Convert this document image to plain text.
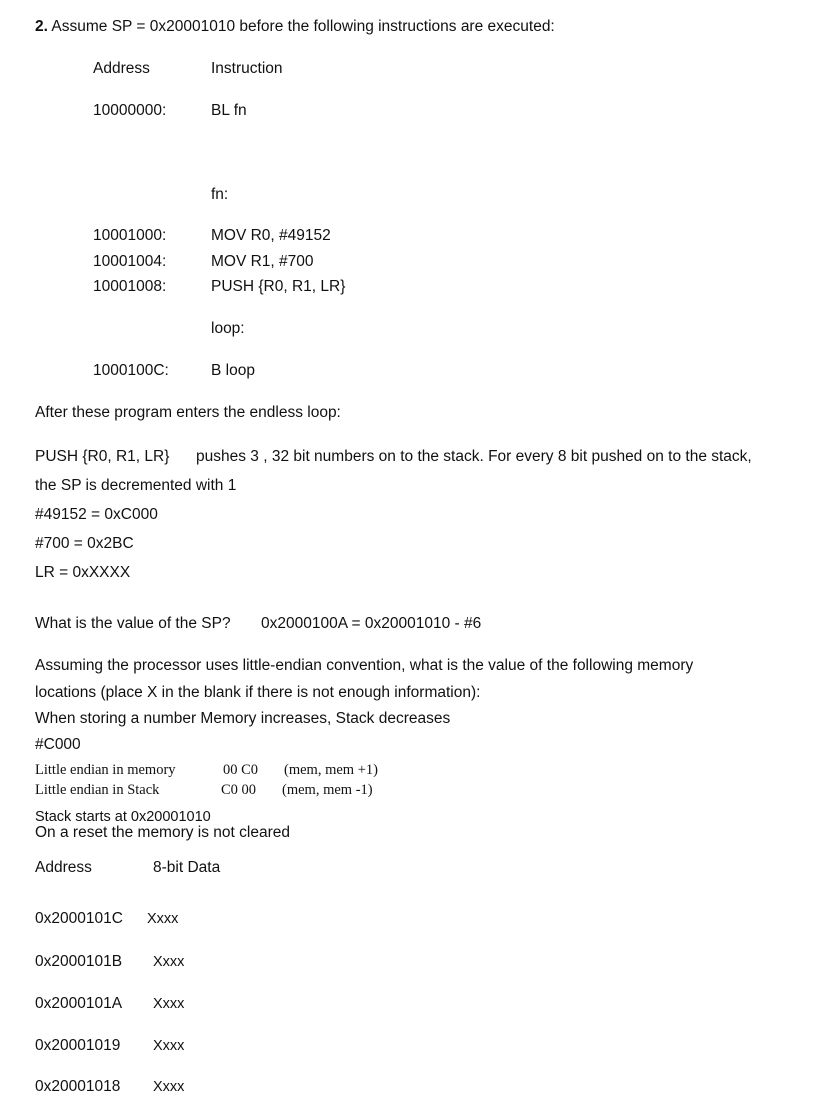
2. Assume SP = 0x20001010 before the following instructions are executed:
Address	Instruction
10000000:	BL fn
fn:
10001000:	MOV R0, #49152
10001004:	MOV R1, #700
10001008:	PUSH {R0, R1, LR}
loop:
1000100C:	B loop
After these program enters the endless loop:
PUSH {R0, R1, LR} pushes 3 , 32 bit numbers on to the stack. For every 8 bit pushed on to the stack,
the SP is decremented with 1
#49152 = 0xC000
#700 = 0x2BC
LR = 0xXXXX
What is the value of the SP? 0x2000100A = 0x20001010 - #6
Assuming the processor uses little-endian convention, what is the value of the following memory
locations (place X in the blank if there is not enough information):
When storing a number Memory increases, Stack decreases
#C000
Little endian in memory	00 C0 (mem, mem +1)
Little endian in Stack	C0 00 (mem, mem -1)
Stack starts at 0x20001010
On a reset the memory is not cleared
Address	8-bit Data
0x2000101C Xxxx
0x2000101B Xxxx
0x2000101A Xxxx
0x20001019 Xxxx
0x20001018 Xxxx
